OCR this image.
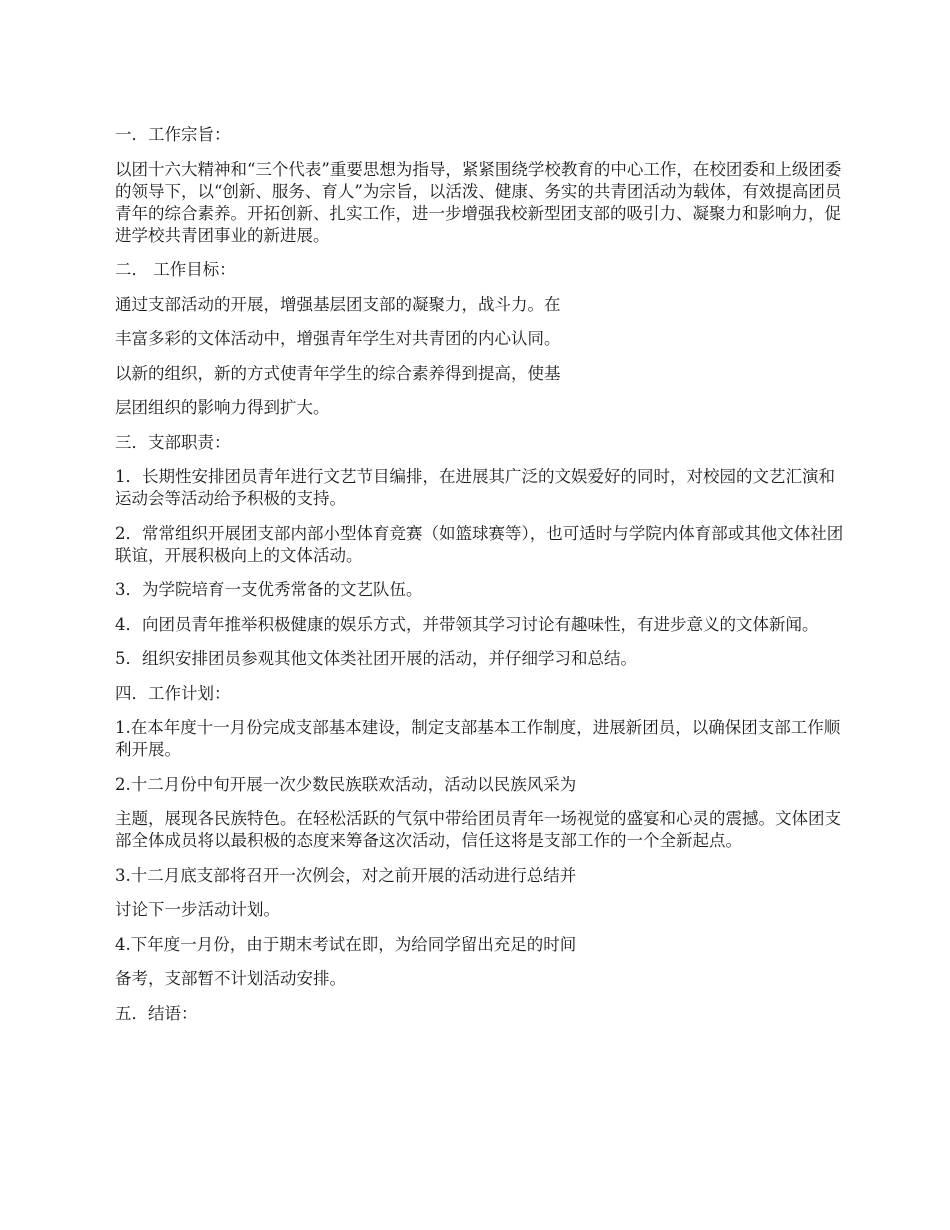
一．工作宗旨：

以团十六大精神和“三个代表”重要思想为指导，紧紧围绕学校教育的中心工作，在校团委和上级团委的领导下，以“创新、服务、育人”为宗旨，以活泼、健康、务实的共青团活动为载体，有效提高团员青年的综合素养。开拓创新、扎实工作，进一步增强我校新型团支部的吸引力、凝聚力和影响力，促进学校共青团事业的新进展。

二． 工作目标：

通过支部活动的开展，增强基层团支部的凝聚力，战斗力。在

丰富多彩的文体活动中，增强青年学生对共青团的内心认同。

以新的组织，新的方式使青年学生的综合素养得到提高，使基

层团组织的影响力得到扩大。

三．支部职责：

1．长期性安排团员青年进行文艺节目编排，在进展其广泛的文娱爱好的同时，对校园的文艺汇演和运动会等活动给予积极的支持。

2．常常组织开展团支部内部小型体育竞赛（如篮球赛等），也可适时与学院内体育部或其他文体社团联谊，开展积极向上的文体活动。

3．为学院培育一支优秀常备的文艺队伍。

4．向团员青年推举积极健康的娱乐方式，并带领其学习讨论有趣味性，有进步意义的文体新闻。

5．组织安排团员参观其他文体类社团开展的活动，并仔细学习和总结。

四．工作计划：

1.在本年度十一月份完成支部基本建设，制定支部基本工作制度，进展新团员，以确保团支部工作顺利开展。

2.十二月份中旬开展一次少数民族联欢活动，活动以民族风采为

主题，展现各民族特色。在轻松活跃的气氛中带给团员青年一场视觉的盛宴和心灵的震撼。文体团支部全体成员将以最积极的态度来筹备这次活动，信任这将是支部工作的一个全新起点。

3.十二月底支部将召开一次例会，对之前开展的活动进行总结并

讨论下一步活动计划。

4.下年度一月份，由于期末考试在即，为给同学留出充足的时间

备考，支部暂不计划活动安排。

五．结语：
